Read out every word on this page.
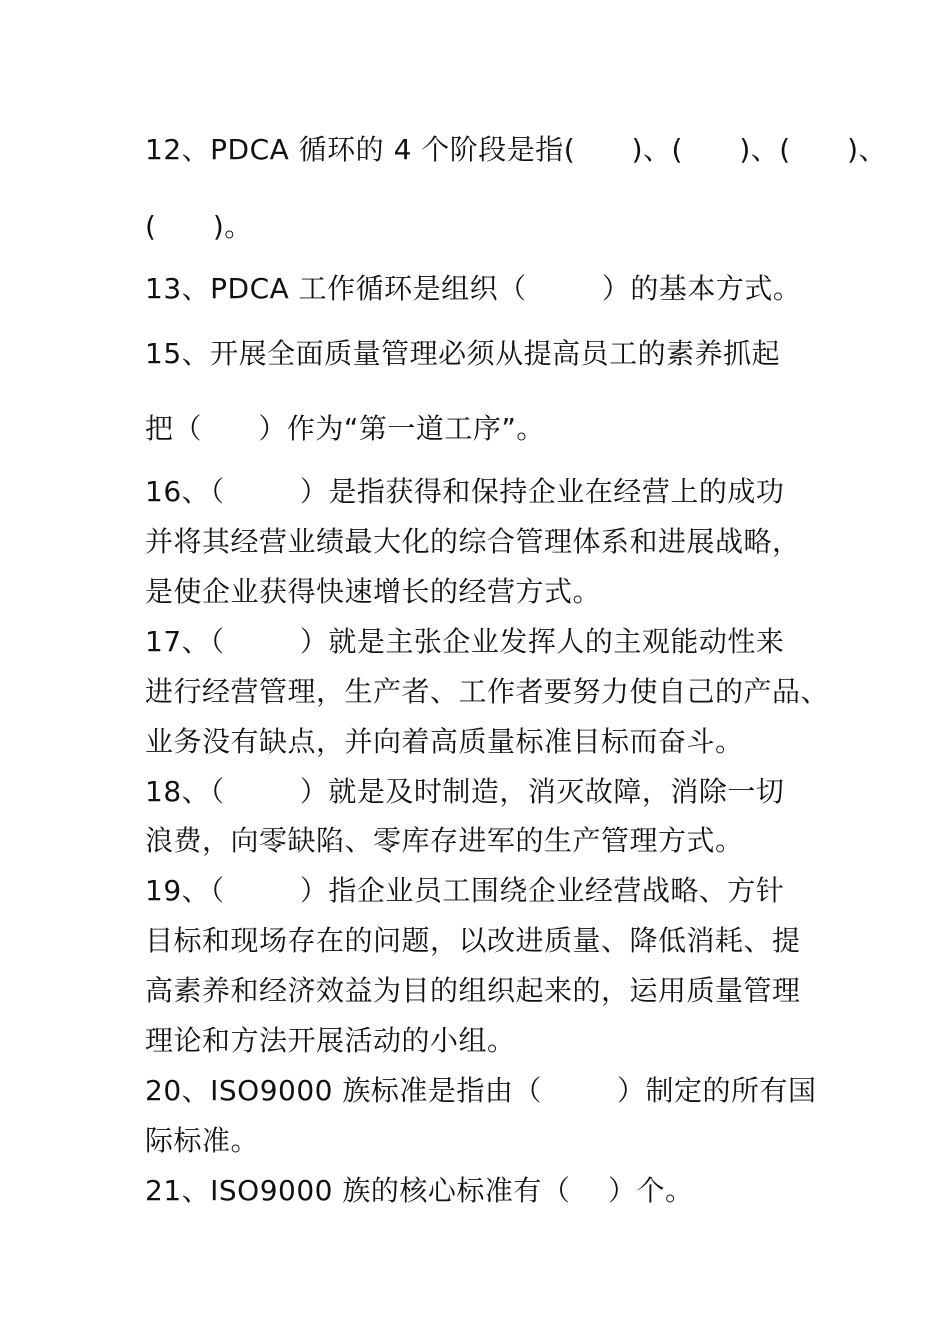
12、PDCA 循环的 4 个阶段是指(      )、(      )、(      )、
(      )。
13、PDCA 工作循环是组织（        ）的基本方式。
15、开展全面质量管理必须从提高员工的素养抓起
把（      ）作为“第一道工序”。
16、（        ）是指获得和保持企业在经营上的成功
并将其经营业绩最大化的综合管理体系和进展战略，
是使企业获得快速增长的经营方式。
17、（        ）就是主张企业发挥人的主观能动性来
进行经营管理，生产者、工作者要努力使自己的产品、
业务没有缺点，并向着高质量标准目标而奋斗。
18、（        ）就是及时制造，消灭故障，消除一切
浪费，向零缺陷、零库存进军的生产管理方式。
19、（        ）指企业员工围绕企业经营战略、方针
目标和现场存在的问题，以改进质量、降低消耗、提
高素养和经济效益为目的组织起来的，运用质量管理
理论和方法开展活动的小组。
20、ISO9000 族标准是指由（        ）制定的所有国
际标准。
21、ISO9000 族的核心标准有（    ）个。
